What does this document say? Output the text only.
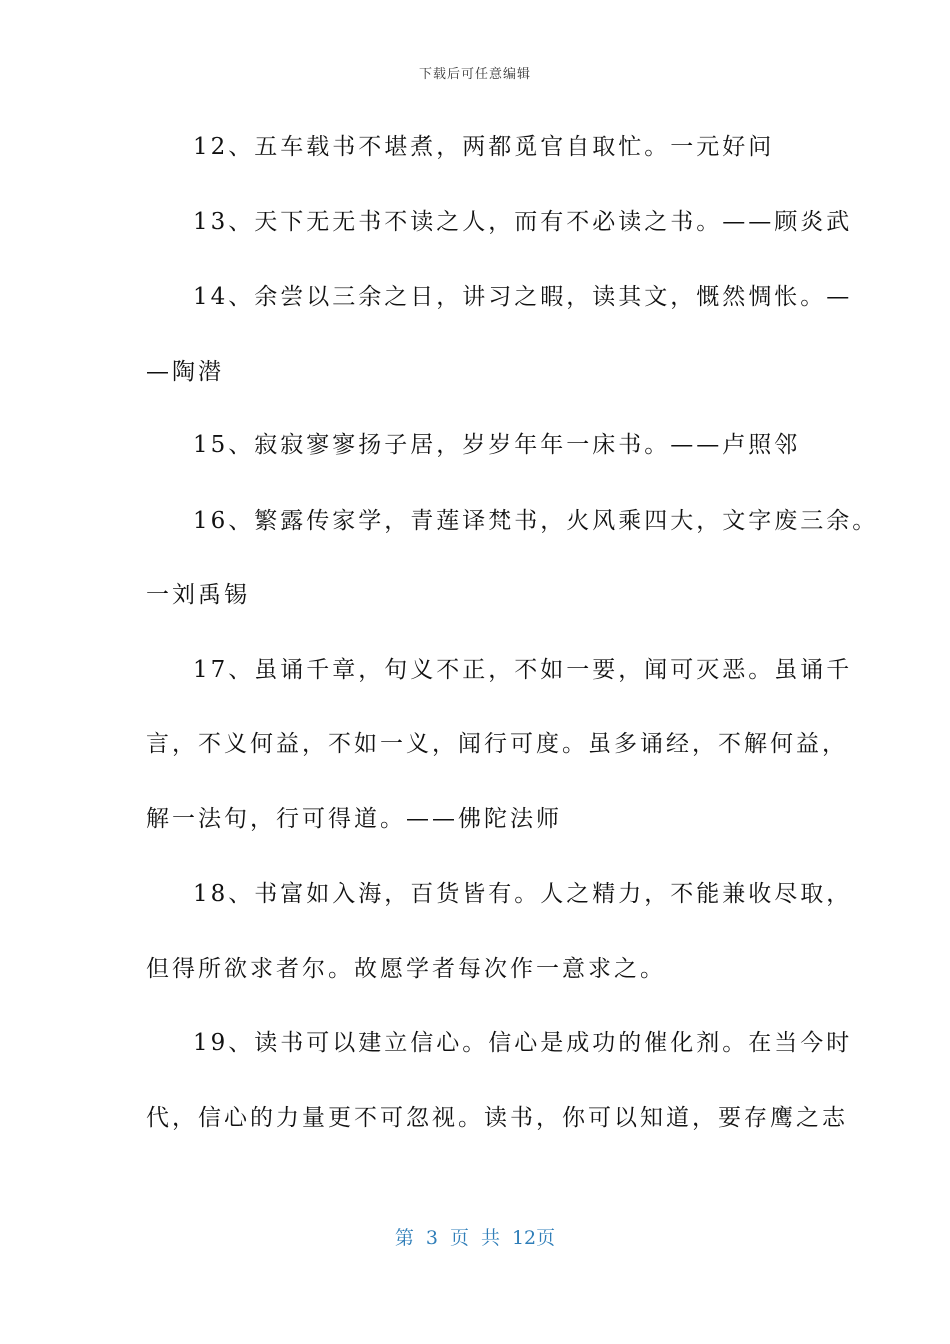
下载后可任意编辑
12、五车载书不堪煮，两都觅官自取忙。一元好问
13、天下无无书不读之人，而有不必读之书。——顾炎武
14、余尝以三余之日，讲习之暇，读其文，慨然惆怅。—
—陶潜
15、寂寂寥寥扬子居，岁岁年年一床书。——卢照邻
16、繁露传家学，青莲译梵书，火风乘四大，文字废三余。
一刘禹锡
17、虽诵千章，句义不正，不如一要，闻可灭恶。虽诵千
言，不义何益，不如一义，闻行可度。虽多诵经，不解何益，
解一法句，行可得道。——佛陀法师
18、书富如入海，百货皆有。人之精力，不能兼收尽取，
但得所欲求者尔。故愿学者每次作一意求之。
19、读书可以建立信心。信心是成功的催化剂。在当今时
代，信心的力量更不可忽视。读书，你可以知道，要存鹰之志
第 3 页 共 12页
